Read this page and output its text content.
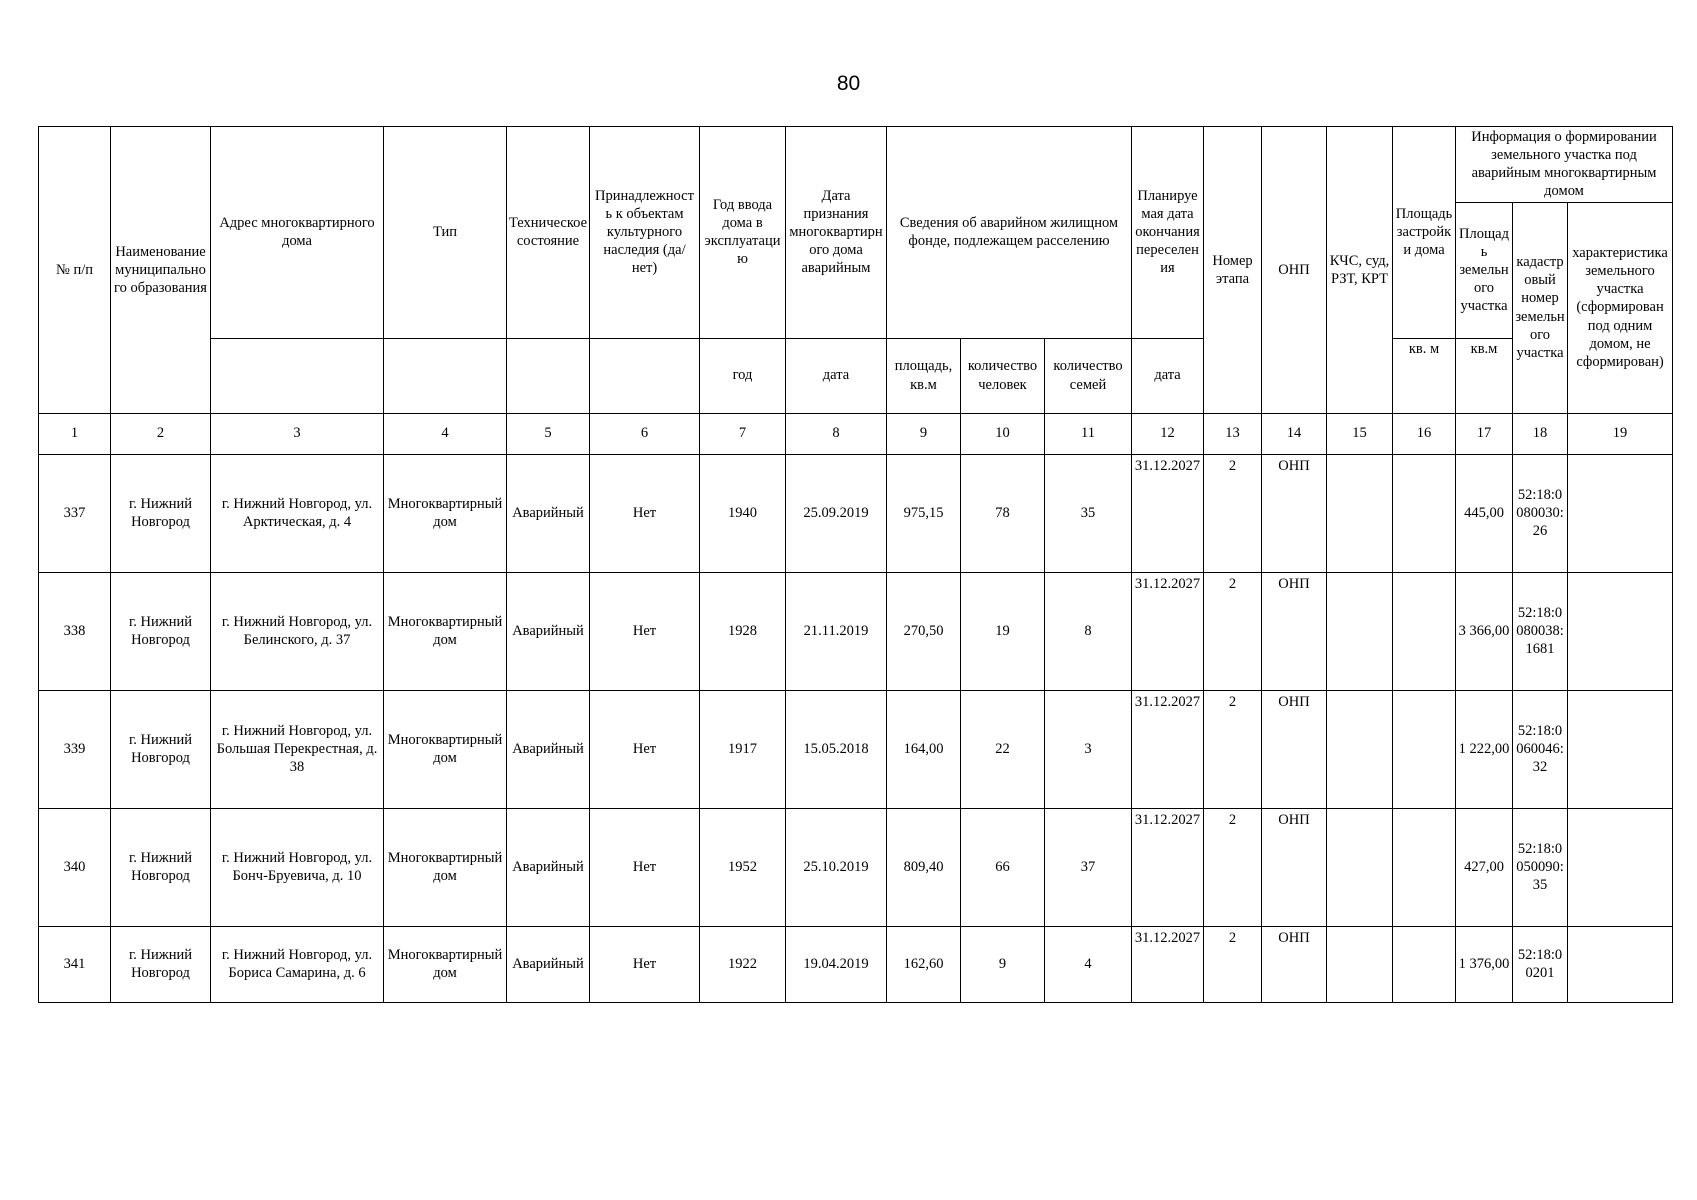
80
№ п/п	Наименование муниципального образования	Адрес многоквартирного дома	Тип	Техническое состояние	Принадлежность к объектам культурного наследия (да/нет)	Год ввода дома в эксплуатацию	Дата признания многоквартирного дома аварийным	Сведения об аварийном жилищном фонде, подлежащем расселению			Планируемая дата окончания переселения	Номер этапа	ОНП	КЧС, суд, РЗТ, КРТ	Площадь застройки дома	Информация о формировании земельного участка под аварийным многоквартирным домом		
																Площадь земельного участка	кадастровый номер земельного участка	характеристика земельного участка (сформирован под одним домом, не сформирован)
						год	дата	площадь, кв.м	количество человек	количество семей	дата				кв. м	кв.м		
1	2	3	4	5	6	7	8	9	10	11	12	13	14	15	16	17	18	19
337	г. Нижний Новгород	г. Нижний Новгород, ул. Арктическая, д. 4	Многоквартирный дом	Аварийный	Нет	1940	25.09.2019	975,15	78	35	31.12.2027	2	ОНП			445,00	52:18:0080030:26	
338	г. Нижний Новгород	г. Нижний Новгород, ул. Белинского, д. 37	Многоквартирный дом	Аварийный	Нет	1928	21.11.2019	270,50	19	8	31.12.2027	2	ОНП			3 366,00	52:18:0080038:1681	
339	г. Нижний Новгород	г. Нижний Новгород, ул. Большая Перекрестная, д. 38	Многоквартирный дом	Аварийный	Нет	1917	15.05.2018	164,00	22	3	31.12.2027	2	ОНП			1 222,00	52:18:0060046:32	
340	г. Нижний Новгород	г. Нижний Новгород, ул. Бонч-Бруевича, д. 10	Многоквартирный дом	Аварийный	Нет	1952	25.10.2019	809,40	66	37	31.12.2027	2	ОНП			427,00	52:18:0050090:35	
341	г. Нижний Новгород	г. Нижний Новгород, ул. Бориса Самарина, д. 6	Многоквартирный дом	Аварийный	Нет	1922	19.04.2019	162,60	9	4	31.12.2027	2	ОНП			1 376,00	52:18:00201	
